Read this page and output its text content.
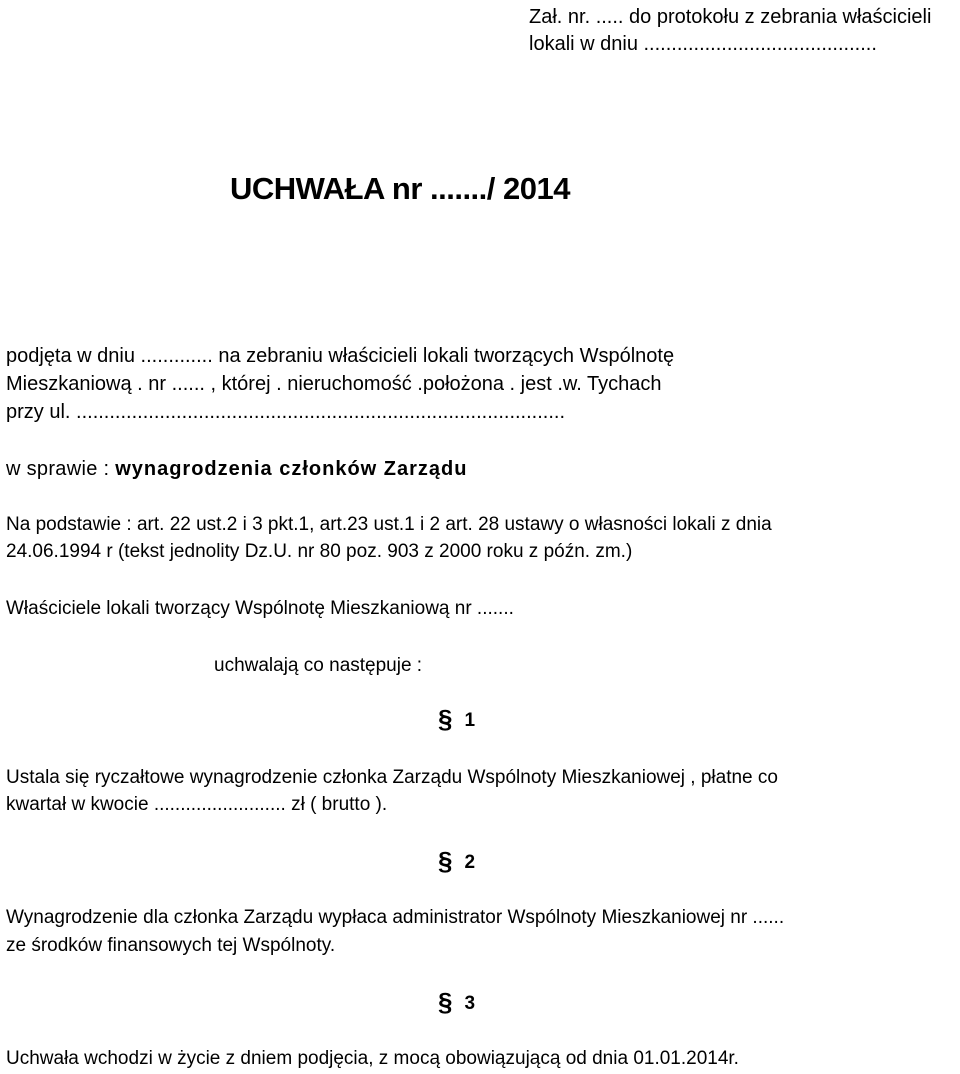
Zał. nr. ..... do protokołu z zebrania właścicieli
lokali w dniu ..........................................
UCHWAŁA nr ......./ 2014
podjęta w dniu ............. na zebraniu właścicieli lokali tworzących Wspólnotę
Mieszkaniową . nr ...... , której . nieruchomość .położona . jest .w. Tychach
przy ul. ........................................................................................
w sprawie : wynagrodzenia członków Zarządu
Na podstawie : art. 22 ust.2 i 3 pkt.1, art.23 ust.1 i 2 art. 28 ustawy o własności lokali z dnia
24.06.1994 r (tekst jednolity Dz.U. nr 80 poz. 903 z 2000 roku z późn. zm.)
Właściciele lokali tworzący Wspólnotę Mieszkaniową nr .......
uchwalają co następuje :
§ 1
Ustala się ryczałtowe wynagrodzenie członka Zarządu Wspólnoty Mieszkaniowej , płatne co
kwartał w kwocie ......................... zł ( brutto ).
§ 2
Wynagrodzenie dla członka Zarządu wypłaca administrator Wspólnoty Mieszkaniowej nr ......
ze środków finansowych tej Wspólnoty.
§ 3
Uchwała wchodzi w życie z dniem podjęcia, z mocą obowiązującą od dnia 01.01.2014r.
